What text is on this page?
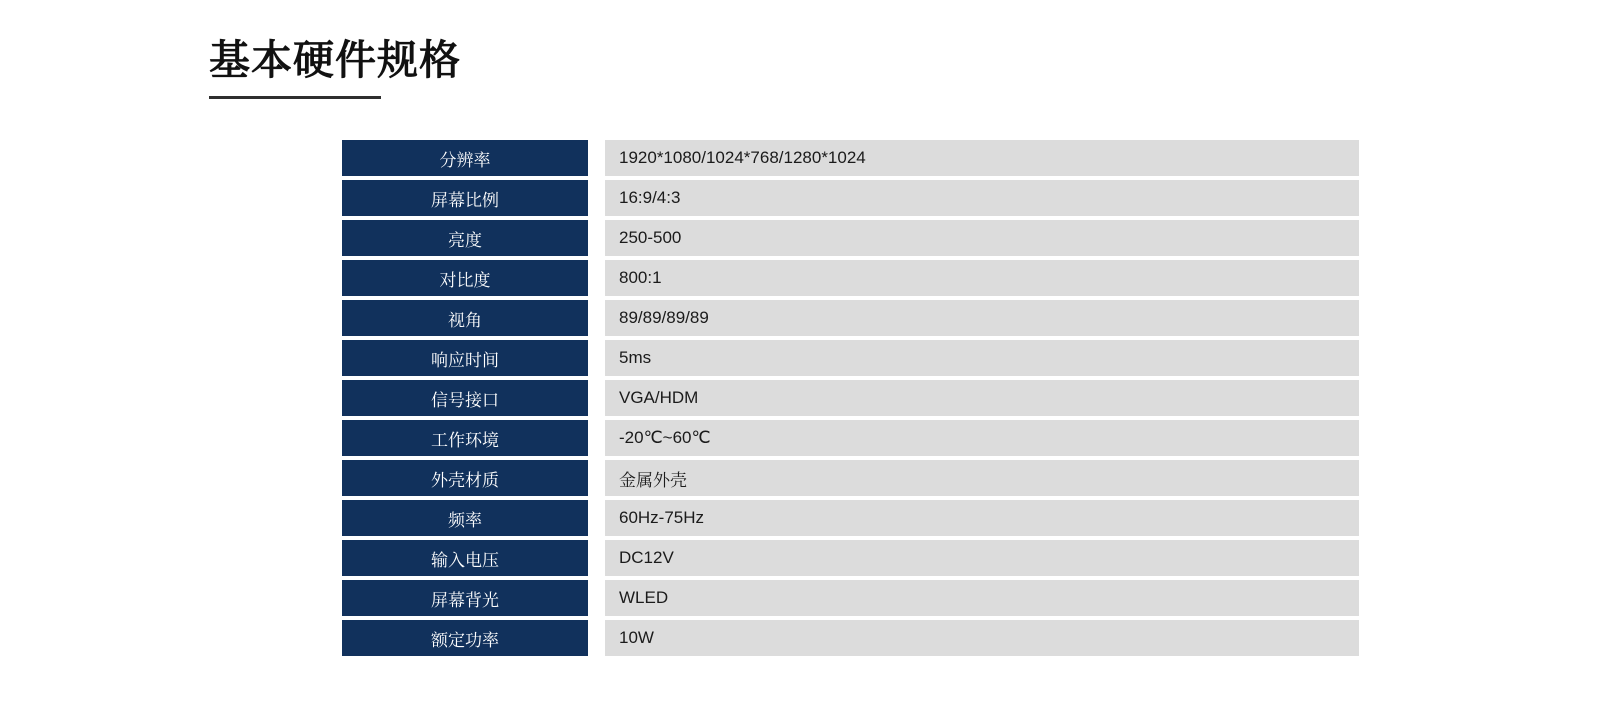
基本硬件规格
分辨率	1920*1080/1024*768/1280*1024
屏幕比例	16:9/4:3
亮度	250-500
对比度	800:1
视角	89/89/89/89
响应时间	5ms
信号接口	VGA/HDM
工作环境	-20℃~60℃
外壳材质	金属外壳
频率	60Hz-75Hz
输入电压	DC12V
屏幕背光	WLED
额定功率	10W
